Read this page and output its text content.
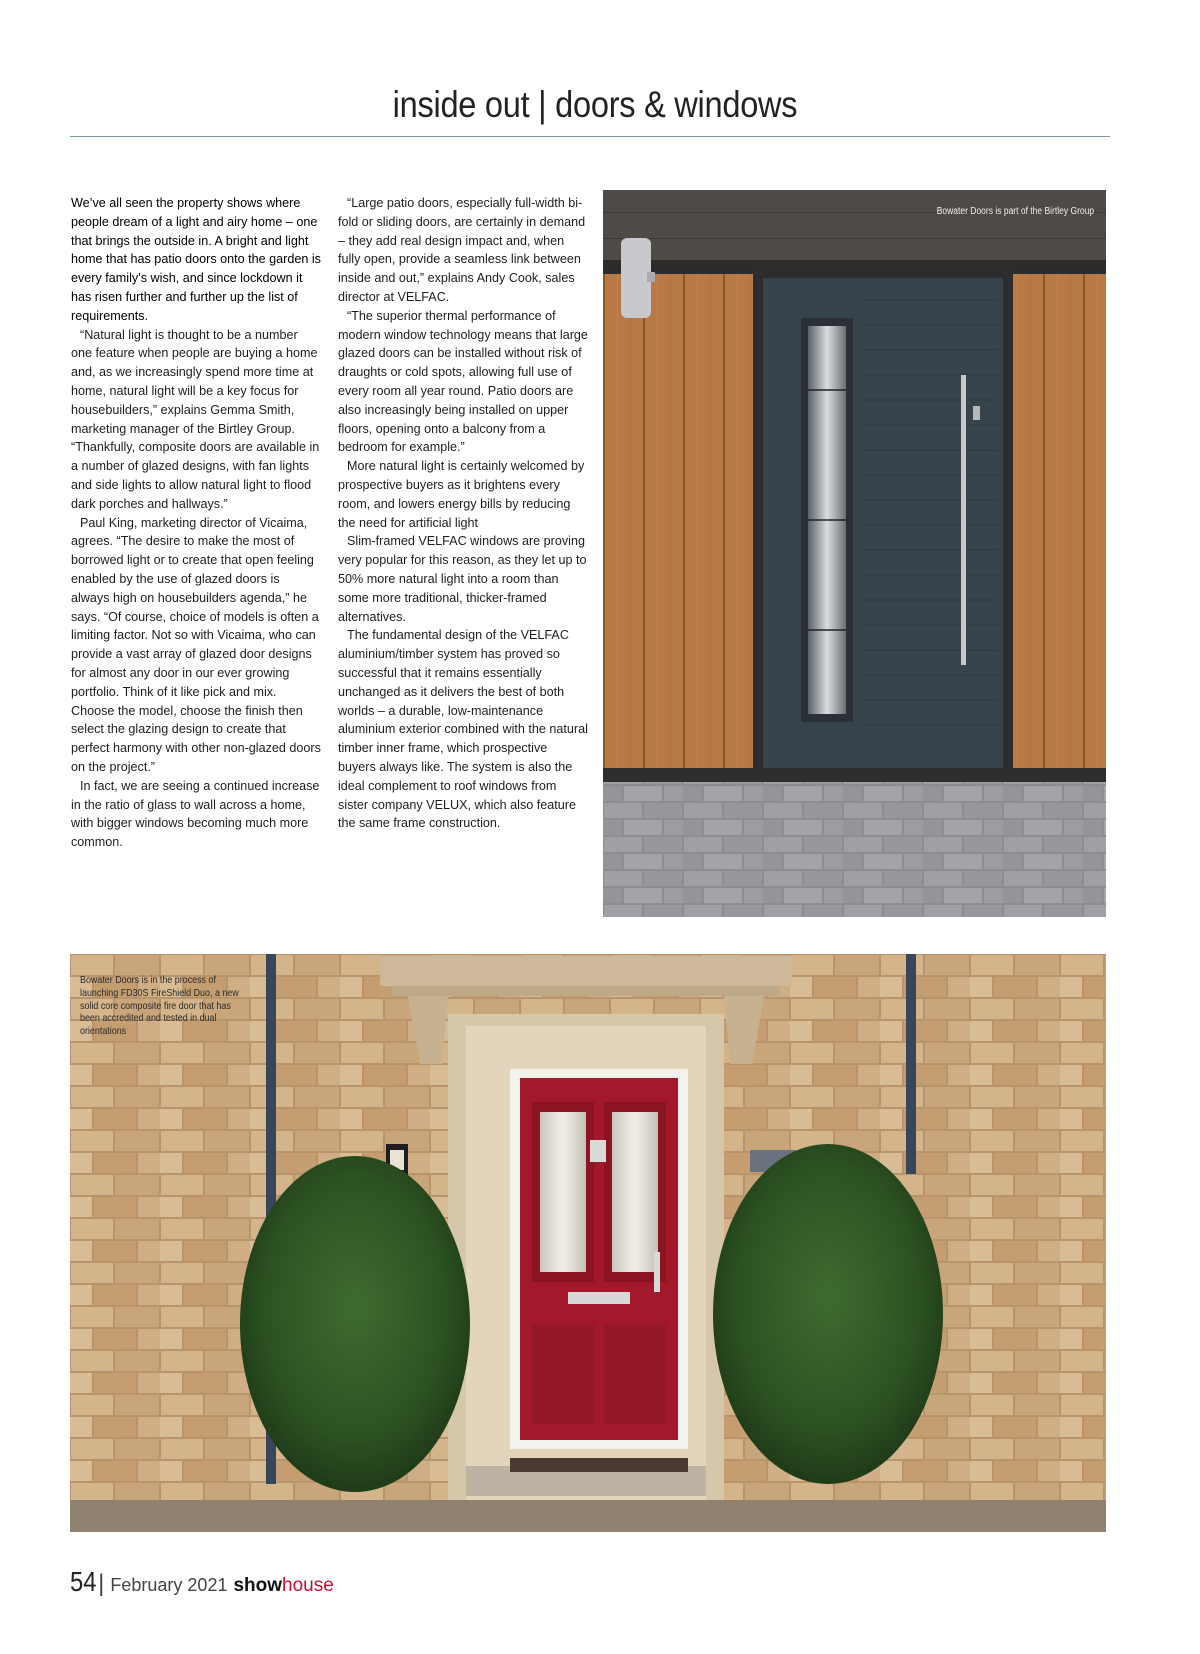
inside out | doors & windows

We’ve all seen the property shows where people dream of a light and airy home – one that brings the outside in. A bright and light home that has patio doors onto the garden is every family’s wish, and since lockdown it has risen further and further up the list of requirements.

“Natural light is thought to be a number one feature when people are buying a home and, as we increasingly spend more time at home, natural light will be a key focus for housebuilders,” explains Gemma Smith, marketing manager of the Birtley Group. “Thankfully, composite doors are available in a number of glazed designs, with fan lights and side lights to allow natural light to flood dark porches and hallways.”

Paul King, marketing director of Vicaima, agrees. “The desire to make the most of borrowed light or to create that open feeling enabled by the use of glazed doors is always high on housebuilders agenda,” he says. “Of course, choice of models is often a limiting factor. Not so with Vicaima, who can provide a vast array of glazed door designs for almost any door in our ever growing portfolio. Think of it like pick and mix. Choose the model, choose the finish then select the glazing design to create that perfect harmony with other non-glazed doors on the project.”

In fact, we are seeing a continued increase in the ratio of glass to wall across a home, with bigger windows becoming much more common.

“Large patio doors, especially full-width bi-fold or sliding doors, are certainly in demand – they add real design impact and, when fully open, provide a seamless link between inside and out,” explains Andy Cook, sales director at VELFAC.

“The superior thermal performance of modern window technology means that large glazed doors can be installed without risk of draughts or cold spots, allowing full use of every room all year round. Patio doors are also increasingly being installed on upper floors, opening onto a balcony from a bedroom for example.”

More natural light is certainly welcomed by prospective buyers as it brightens every room, and lowers energy bills by reducing the need for artificial light

Slim-framed VELFAC windows are proving very popular for this reason, as they let up to 50% more natural light into a room than some more traditional, thicker-framed alternatives.

The fundamental design of the VELFAC aluminium/timber system has proved so successful that it remains essentially unchanged as it delivers the best of both worlds – a durable, low-maintenance aluminium exterior combined with the natural timber inner frame, which prospective buyers always like. The system is also the ideal complement to roof windows from sister company VELUX, which also feature the same frame construction.

Bowater Doors is part of the Birtley Group
Bowater Doors is in the process of launching FD30S FireShield Duo, a new solid core composite fire door that has been accredited and tested in dual orientations
54 | February 2021 show house
